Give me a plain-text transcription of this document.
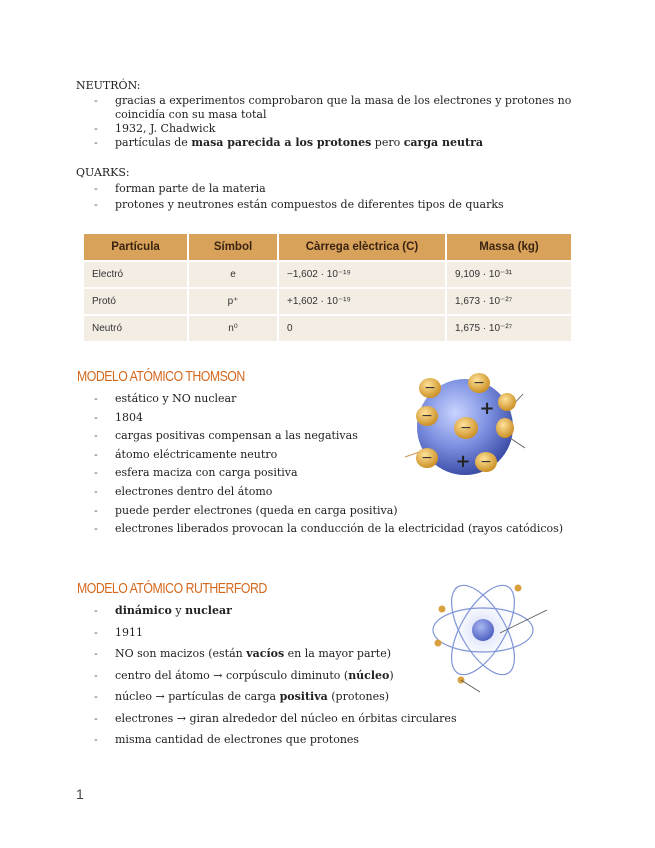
NEUTRÓN:
- gracias a experimentos comprobaron que la masa de los electrones y protones no coincidía con su masa total
- 1932, J. Chadwick
- partículas de masa parecida a los protones pero carga neutra
QUARKS:
- forman parte de la materia
- protones y neutrones están compuestos de diferentes tipos de quarks
Partícula	Símbol	Càrrega elèctrica (C)	Massa (kg)
Electró	e	−1,602 · 10⁻¹⁹	9,109 · 10⁻³¹
Protó	p⁺	+1,602 · 10⁻¹⁹	1,673 · 10⁻²⁷
Neutró	n⁰	0	1,675 · 10⁻²⁷
MODELO ATÓMICO THOMSON
- estático y NO nuclear
- 1804
- cargas positivas compensan a las negativas
- átomo eléctricamente neutro
- esfera maciza con carga positiva
- electrones dentro del átomo
- puede perder electrones (queda en carga positiva)
- electrones liberados provocan la conducción de la electricidad (rayos catódicos)
−	−
−
−
−	−
+
+
MODELO ATÓMICO RUTHERFORD
- dinámico y nuclear
- 1911
- NO son macizos (están vacíos en la mayor parte)
- centro del átomo → corpúsculo diminuto (núcleo)
- núcleo → partículas de carga positiva (protones)
- electrones → giran alrededor del núcleo en órbitas circulares
- misma cantidad de electrones que protones
1
